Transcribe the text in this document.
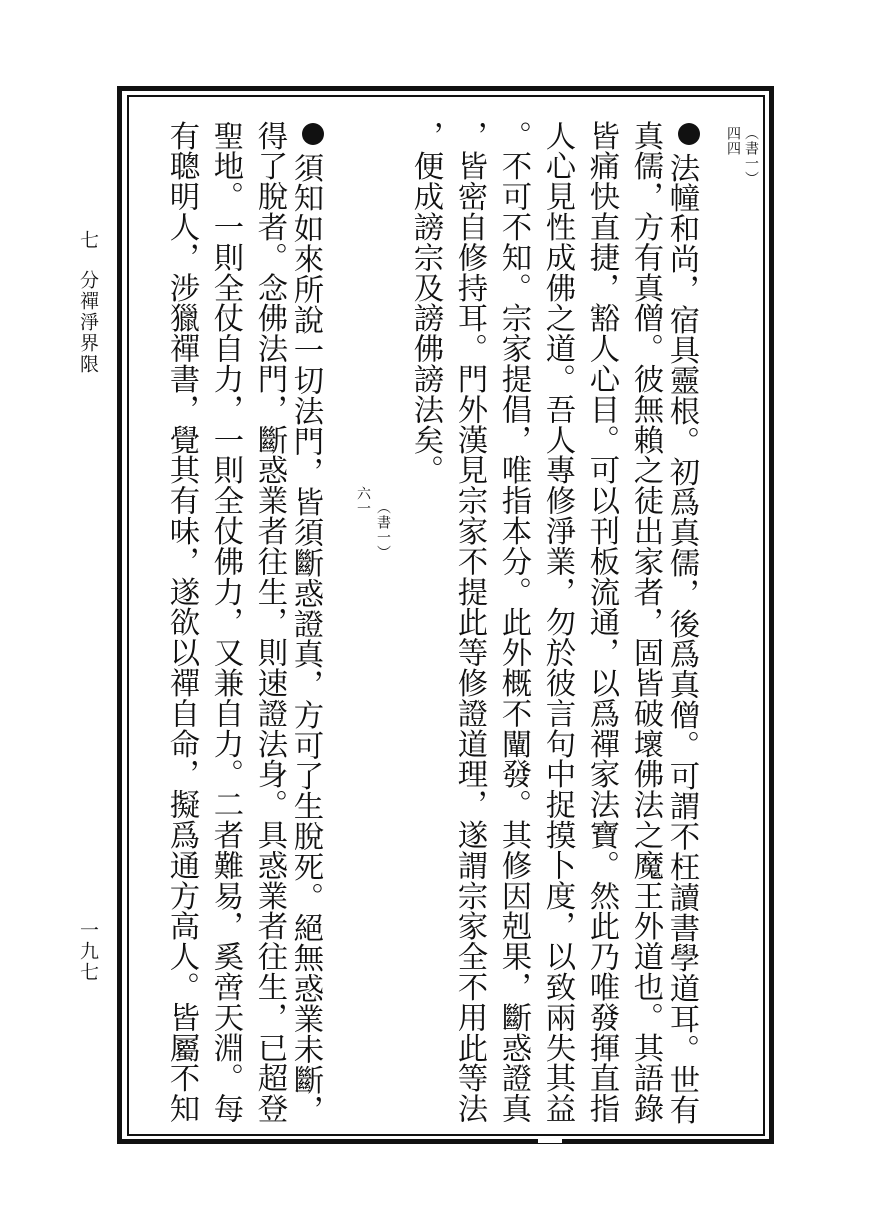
七
分禪淨界限
一九七
（書一）
四四
法幢和尚，宿具靈根。初爲真儒，後爲真僧。可謂不枉讀書學道耳。世有
真儒，方有真僧。彼無賴之徒出家者，固皆破壞佛法之魔王外道也。其語錄
皆痛快直捷，豁人心目。可以刊板流通，以爲禪家法寶。然此乃唯發揮直指
人心見性成佛之道。吾人專修淨業，勿於彼言句中捉摸卜度，以致兩失其益
。不可不知。宗家提倡，唯指本分。此外概不闡發。其修因剋果，斷惑證真
，皆密自修持耳。門外漢見宗家不提此等修證道理，遂謂宗家全不用此等法
，便成謗宗及謗佛謗法矣。
（書一）
六一
須知如來所說一切法門，皆須斷惑證真，方可了生脫死。絕無惑業未斷，
得了脫者。念佛法門，斷惑業者往生，則速證法身。具惑業者往生，已超登
聖地。一則全仗自力，一則全仗佛力，又兼自力。二者難易，奚啻天淵。每
有聰明人，涉獵禪書，覺其有味，遂欲以禪自命，擬爲通方高人。皆屬不知
